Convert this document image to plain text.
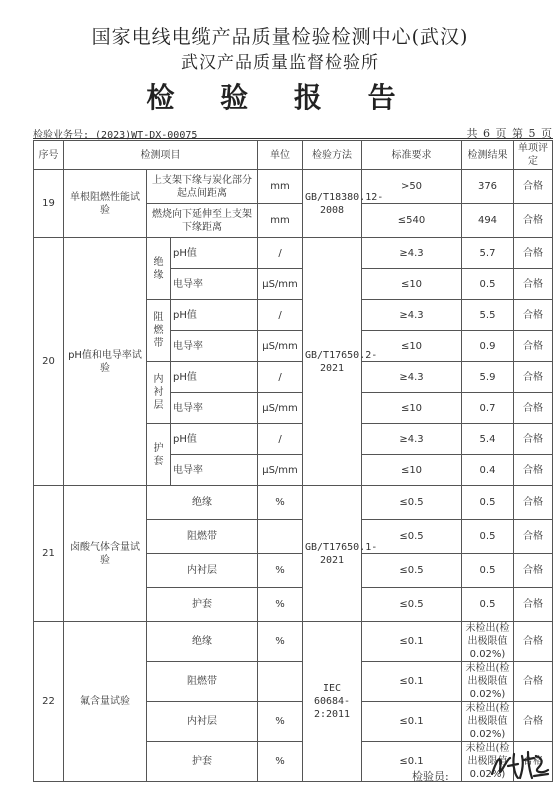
国家电线电缆产品质量检验检测中心(武汉)
武汉产品质量监督检验所
检 验 报 告
检验业务号: (2023)WT-DX-00075	共 6 页 第 5 页
序号	检测项目			单位	检验方法	标准要求	检测结果	单项评定
19	单根阻燃性能试验	上支架下缘与炭化部分起点间距离		mm	GB/T18380.12-2008	>50	376	合格
		燃烧向下延伸至上支架下缘距离		mm		≤540	494	合格
20	pH值和电导率试验	绝缘	pH值	/	GB/T17650.2-2021	≥4.3	5.7	合格
			电导率	μS/mm		≤10	0.5	合格
		阻燃带	pH值	/		≥4.3	5.5	合格
			电导率	μS/mm		≤10	0.9	合格
		内衬层	pH值	/		≥4.3	5.9	合格
			电导率	μS/mm		≤10	0.7	合格
		护套	pH值	/		≥4.3	5.4	合格
			电导率	μS/mm		≤10	0.4	合格
21	卤酸气体含量试验	绝缘		%	GB/T17650.1-2021	≤0.5	0.5	合格
		阻燃带				≤0.5	0.5	合格
		内衬层		%		≤0.5	0.5	合格
		护套		%		≤0.5	0.5	合格
22	氟含量试验	绝缘		%	IEC 60684-2:2011	≤0.1	未检出(检出极限值0.02%)	合格
		阻燃带				≤0.1	未检出(检出极限值0.02%)	合格
		内衬层		%		≤0.1	未检出(检出极限值0.02%)	合格
		护套		%		≤0.1	未检出(检出极限值0.02%)	合格
检验员:
